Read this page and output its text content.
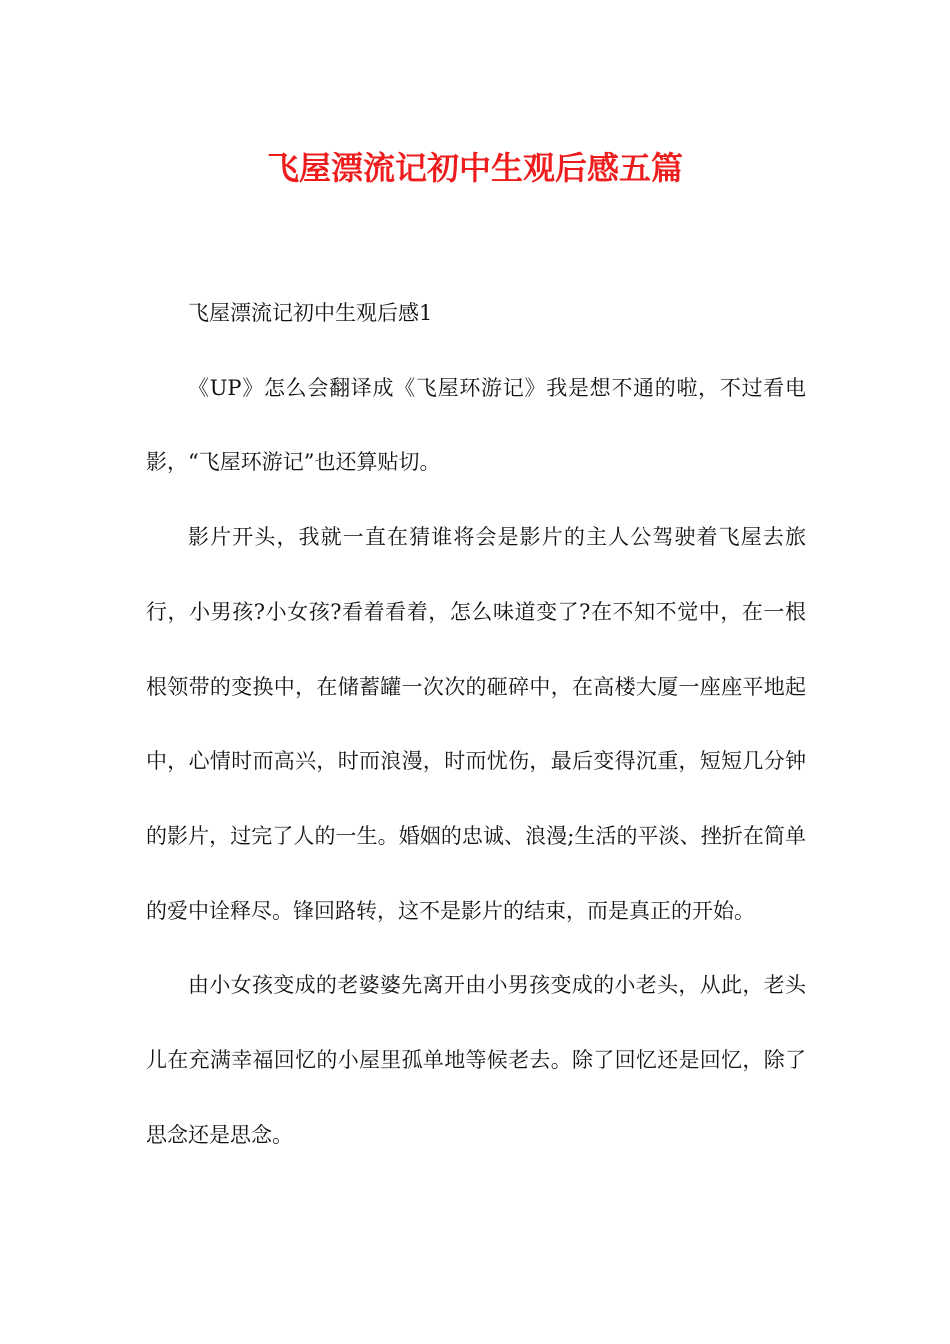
飞屋漂流记初中生观后感五篇

飞屋漂流记初中生观后感1

《UP》怎么会翻译成《飞屋环游记》我是想不通的啦，不过看电影，“飞屋环游记”也还算贴切。

影片开头，我就一直在猜谁将会是影片的主人公驾驶着飞屋去旅行，小男孩?小女孩?看着看着，怎么味道变了?在不知不觉中，在一根根领带的变换中，在储蓄罐一次次的砸碎中，在高楼大厦一座座平地起中，心情时而高兴，时而浪漫，时而忧伤，最后变得沉重，短短几分钟的影片，过完了人的一生。婚姻的忠诚、浪漫;生活的平淡、挫折在简单的爱中诠释尽。锋回路转，这不是影片的结束，而是真正的开始。

由小女孩变成的老婆婆先离开由小男孩变成的小老头，从此，老头儿在充满幸福回忆的小屋里孤单地等候老去。除了回忆还是回忆，除了思念还是思念。
